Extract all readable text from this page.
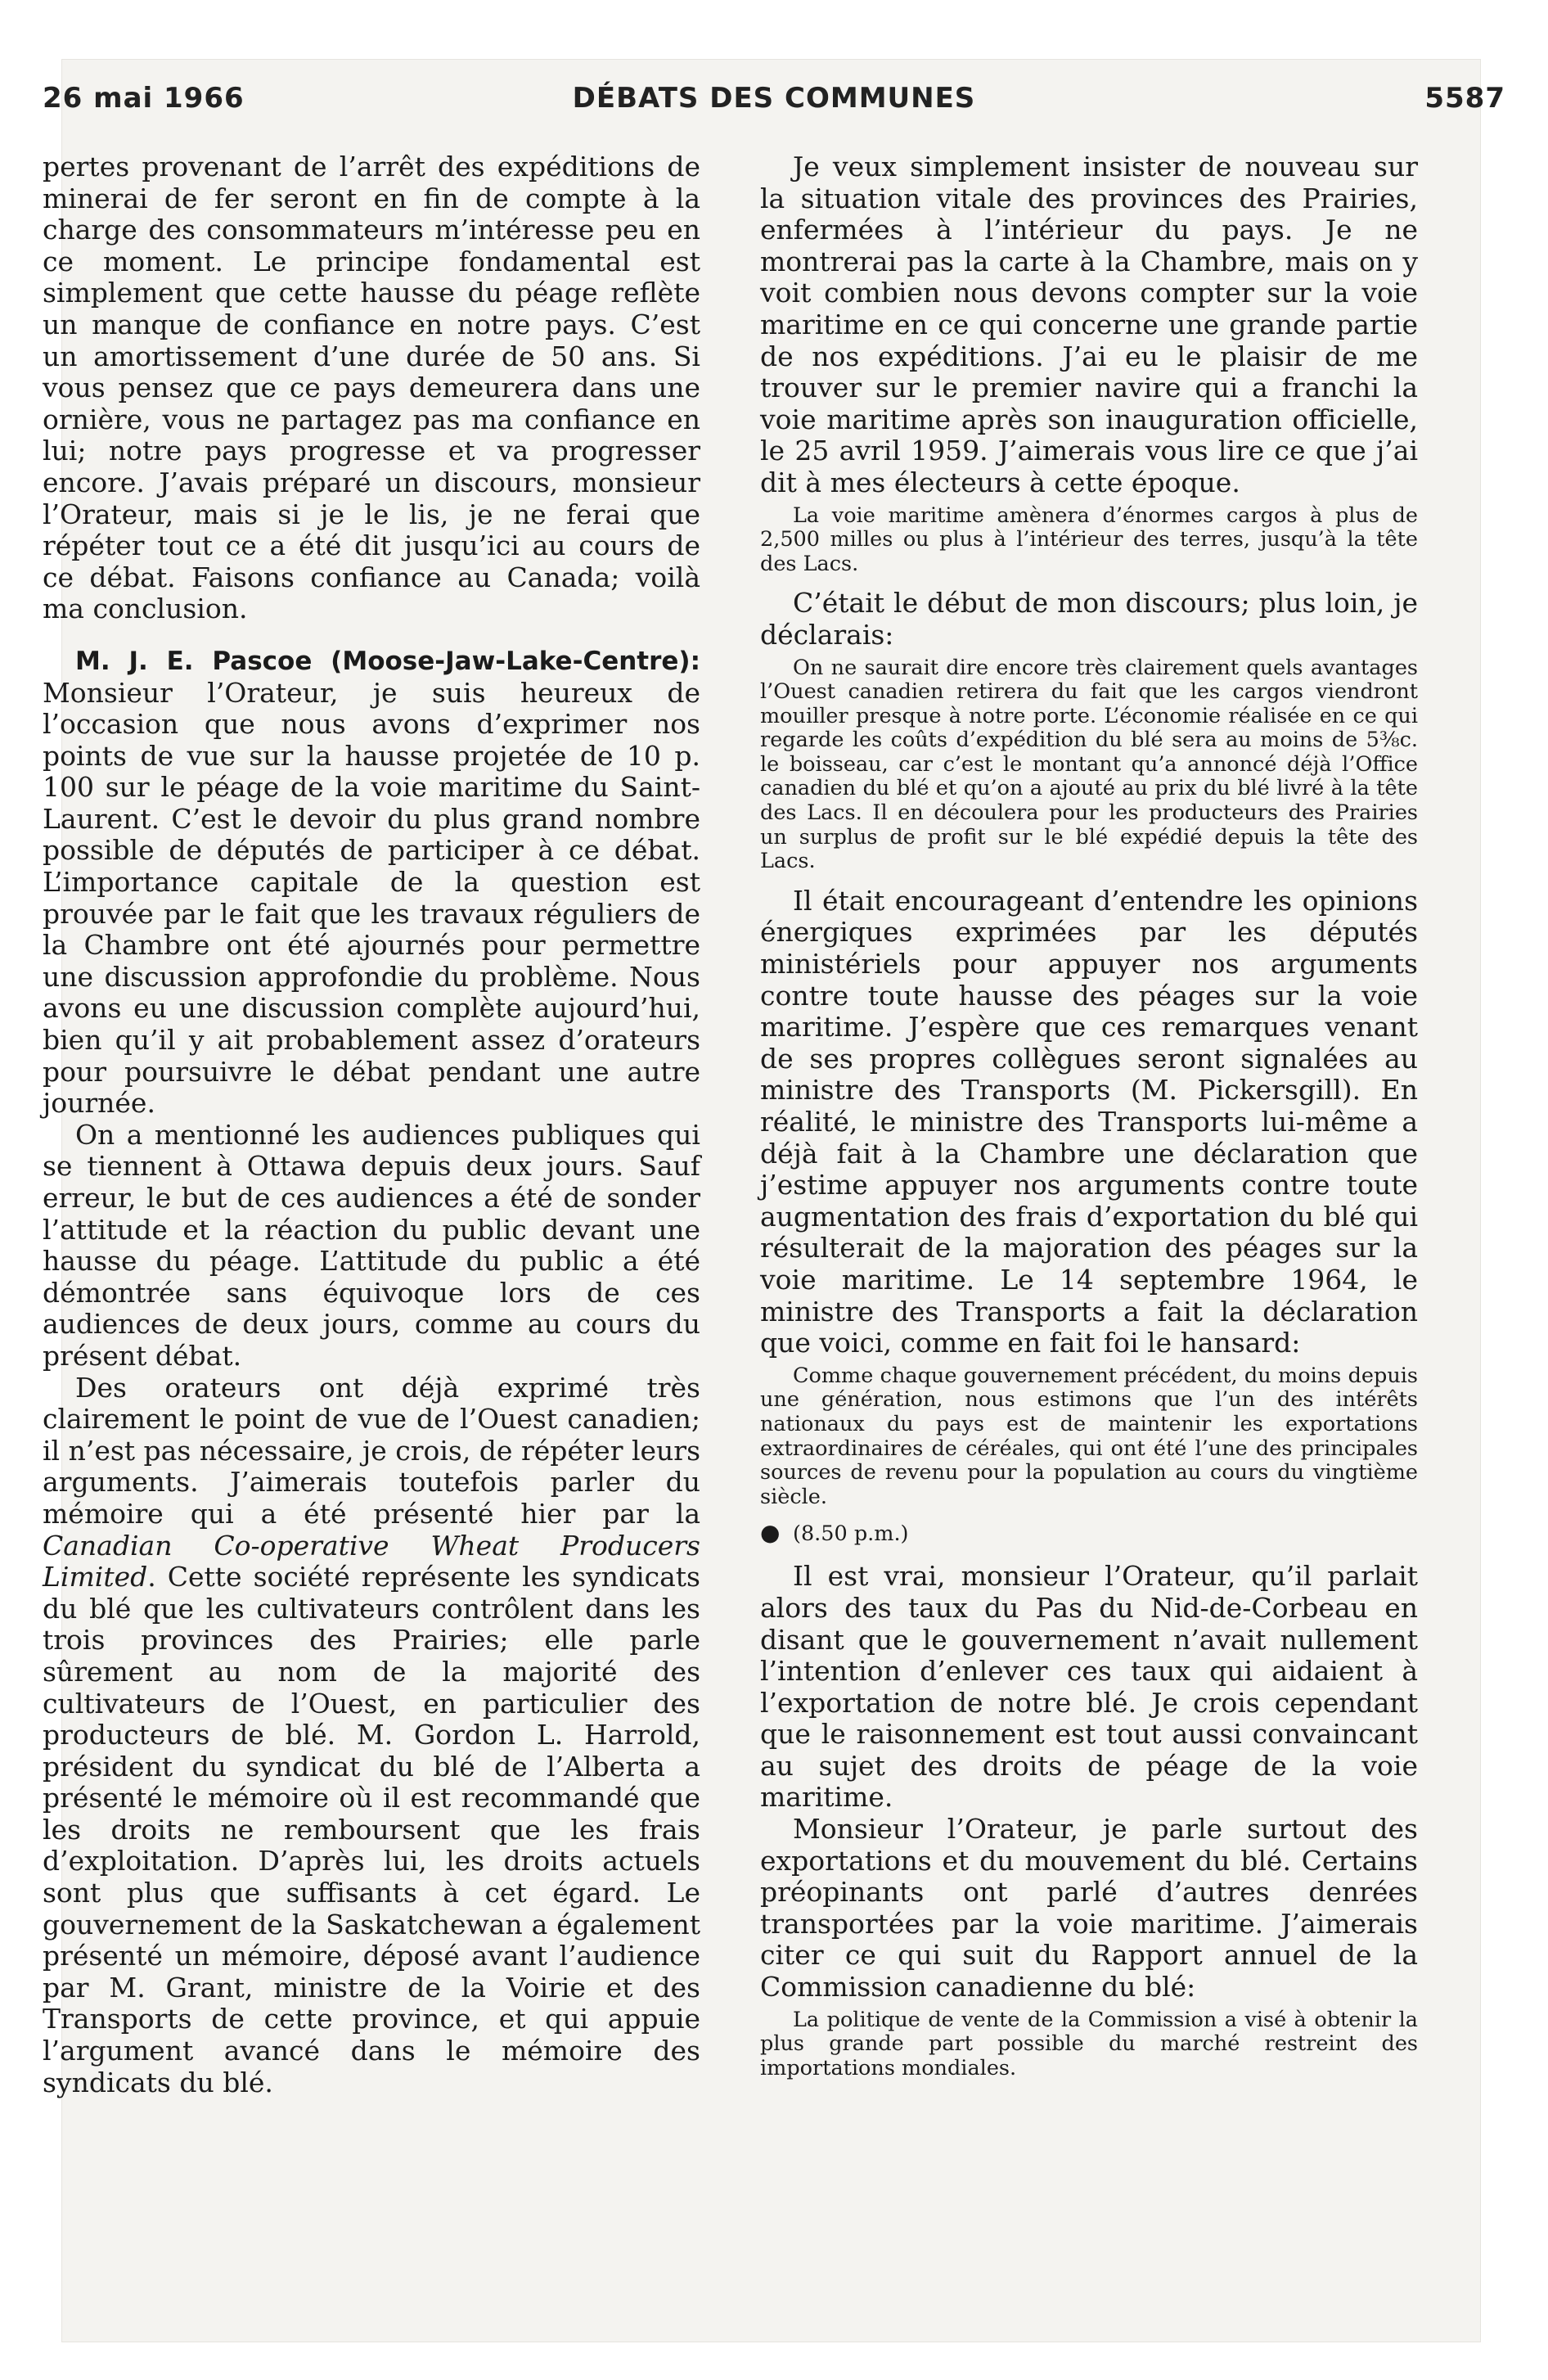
26 mai 1966	DÉBATS DES COMMUNES	5587

pertes provenant de l’arrêt des expéditions de minerai de fer seront en fin de compte à la charge des consommateurs m’intéresse peu en ce moment. Le principe fondamental est simplement que cette hausse du péage reflète un manque de confiance en notre pays. C’est un amortissement d’une durée de 50 ans. Si vous pensez que ce pays demeurera dans une ornière, vous ne partagez pas ma confiance en lui; notre pays progresse et va progresser encore. J’avais préparé un discours, monsieur l’Orateur, mais si je le lis, je ne ferai que répéter tout ce a été dit jusqu’ici au cours de ce débat. Faisons confiance au Canada; voilà ma conclusion.

M. J. E. Pascoe (Moose-Jaw-Lake-Centre): Monsieur l’Orateur, je suis heureux de l’occasion que nous avons d’exprimer nos points de vue sur la hausse projetée de 10 p. 100 sur le péage de la voie maritime du Saint-Laurent. C’est le devoir du plus grand nombre possible de députés de participer à ce débat. L’importance capitale de la question est prouvée par le fait que les travaux réguliers de la Chambre ont été ajournés pour permettre une discussion approfondie du problème. Nous avons eu une discussion complète aujourd’hui, bien qu’il y ait probablement assez d’orateurs pour poursuivre le débat pendant une autre journée.

On a mentionné les audiences publiques qui se tiennent à Ottawa depuis deux jours. Sauf erreur, le but de ces audiences a été de sonder l’attitude et la réaction du public devant une hausse du péage. L’attitude du public a été démontrée sans équivoque lors de ces audiences de deux jours, comme au cours du présent débat.

Des orateurs ont déjà exprimé très clairement le point de vue de l’Ouest canadien; il n’est pas nécessaire, je crois, de répéter leurs arguments. J’aimerais toutefois parler du mémoire qui a été présenté hier par la Canadian Co-operative Wheat Producers Limited. Cette société représente les syndicats du blé que les cultivateurs contrôlent dans les trois provinces des Prairies; elle parle sûrement au nom de la majorité des cultivateurs de l’Ouest, en particulier des producteurs de blé. M. Gordon L. Harrold, président du syndicat du blé de l’Alberta a présenté le mémoire où il est recommandé que les droits ne remboursent que les frais d’exploitation. D’après lui, les droits actuels sont plus que suffisants à cet égard. Le gouvernement de la Saskatchewan a également présenté un mémoire, déposé avant l’audience par M. Grant, ministre de la Voirie et des Transports de cette province, et qui appuie l’argument avancé dans le mémoire des syndicats du blé.

Je veux simplement insister de nouveau sur la situation vitale des provinces des Prairies, enfermées à l’intérieur du pays. Je ne montrerai pas la carte à la Chambre, mais on y voit combien nous devons compter sur la voie maritime en ce qui concerne une grande partie de nos expéditions. J’ai eu le plaisir de me trouver sur le premier navire qui a franchi la voie maritime après son inauguration officielle, le 25 avril 1959. J’aimerais vous lire ce que j’ai dit à mes électeurs à cette époque.

La voie maritime amènera d’énormes cargos à plus de 2,500 milles ou plus à l’intérieur des terres, jusqu’à la tête des Lacs.

C’était le début de mon discours; plus loin, je déclarais:

On ne saurait dire encore très clairement quels avantages l’Ouest canadien retirera du fait que les cargos viendront mouiller presque à notre porte. L’économie réalisée en ce qui regarde les coûts d’expédition du blé sera au moins de 5⅜c. le boisseau, car c’est le montant qu’a annoncé déjà l’Office canadien du blé et qu’on a ajouté au prix du blé livré à la tête des Lacs. Il en découlera pour les producteurs des Prairies un surplus de profit sur le blé expédié depuis la tête des Lacs.

Il était encourageant d’entendre les opinions énergiques exprimées par les députés ministériels pour appuyer nos arguments contre toute hausse des péages sur la voie maritime. J’espère que ces remarques venant de ses propres collègues seront signalées au ministre des Transports (M. Pickersgill). En réalité, le ministre des Transports lui-même a déjà fait à la Chambre une déclaration que j’estime appuyer nos arguments contre toute augmentation des frais d’exportation du blé qui résulterait de la majoration des péages sur la voie maritime. Le 14 septembre 1964, le ministre des Transports a fait la déclaration que voici, comme en fait foi le hansard:

Comme chaque gouvernement précédent, du moins depuis une génération, nous estimons que l’un des intérêts nationaux du pays est de maintenir les exportations extraordinaires de céréales, qui ont été l’une des principales sources de revenu pour la population au cours du vingtième siècle.

● (8.50 p.m.)

Il est vrai, monsieur l’Orateur, qu’il parlait alors des taux du Pas du Nid-de-Corbeau en disant que le gouvernement n’avait nullement l’intention d’enlever ces taux qui aidaient à l’exportation de notre blé. Je crois cependant que le raisonnement est tout aussi convaincant au sujet des droits de péage de la voie maritime.

Monsieur l’Orateur, je parle surtout des exportations et du mouvement du blé. Certains préopinants ont parlé d’autres denrées transportées par la voie maritime. J’aimerais citer ce qui suit du Rapport annuel de la Commission canadienne du blé:

La politique de vente de la Commission a visé à obtenir la plus grande part possible du marché restreint des importations mondiales.
